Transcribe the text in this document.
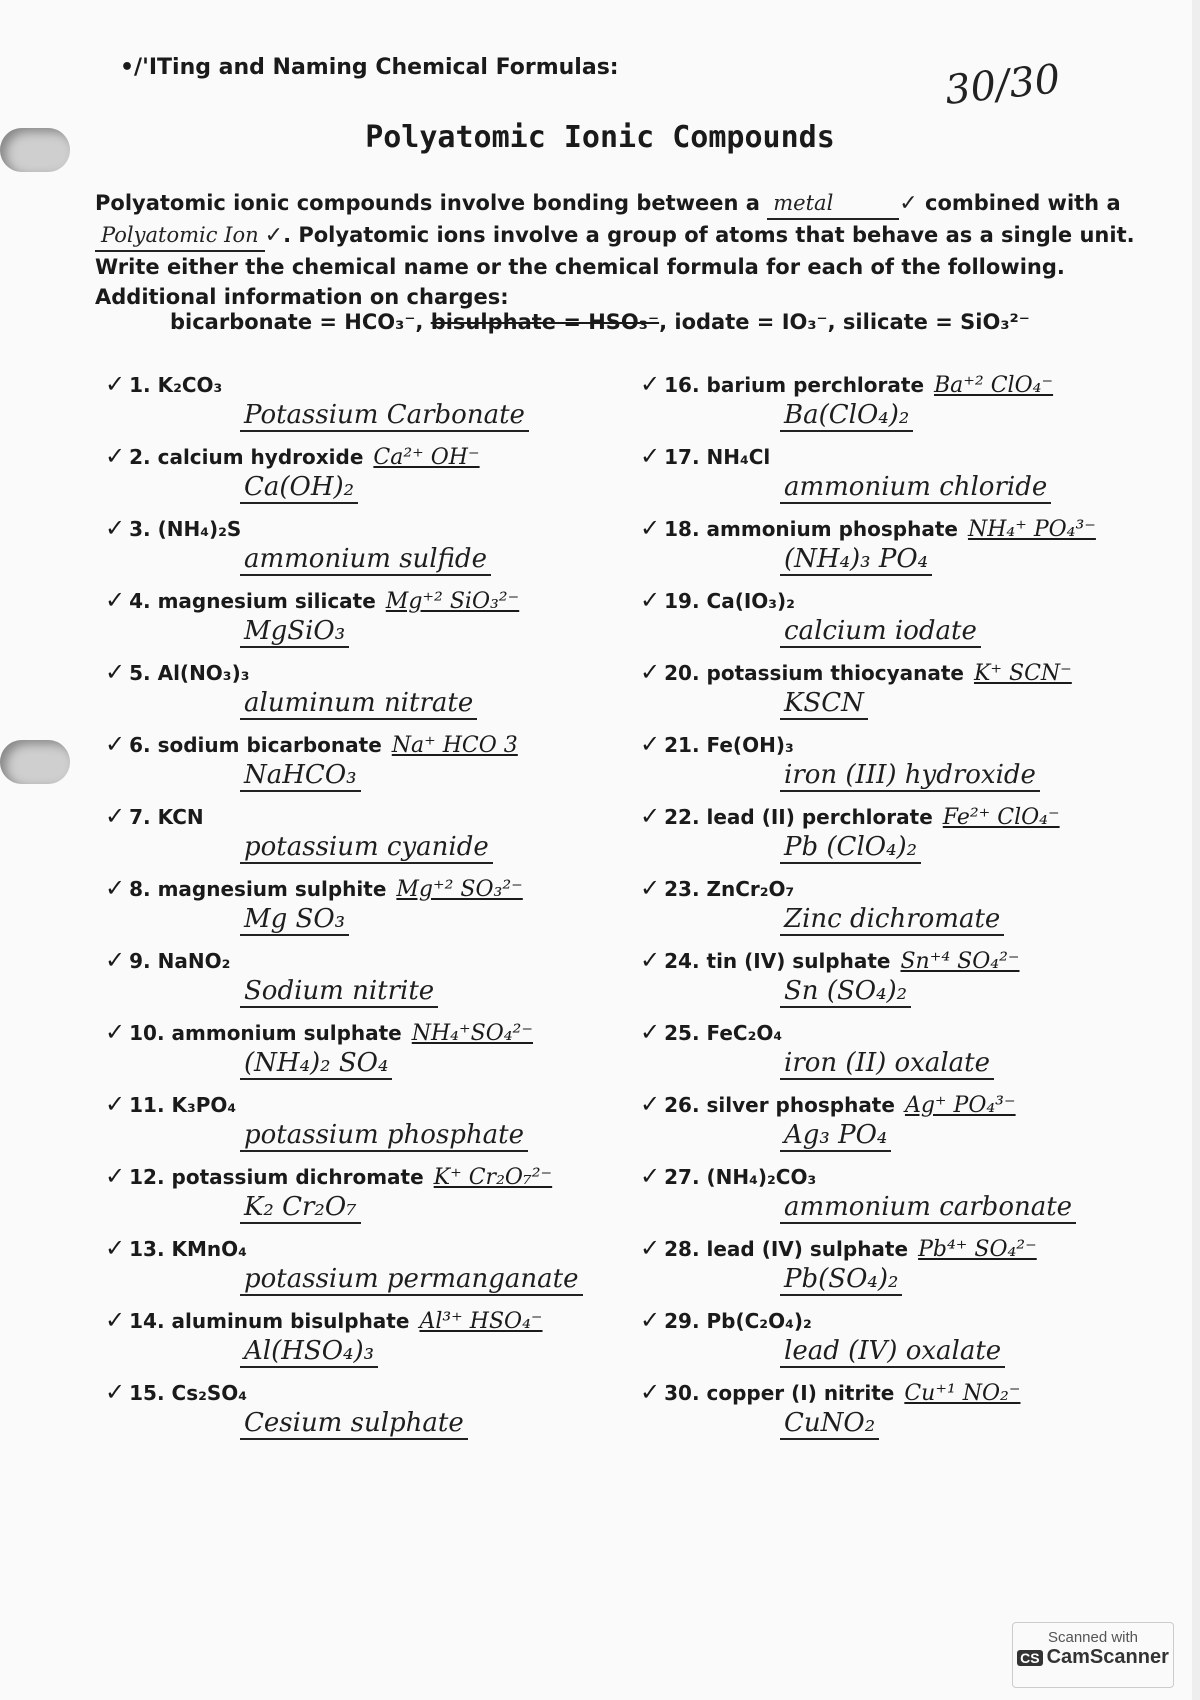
•/'ITing and Naming Chemical Formulas:	30/30
Polyatomic Ionic Compounds
Polyatomic ionic compounds involve bonding between a metal	✓ combined with a
Polyatomic Ion ✓. Polyatomic ions involve a group of atoms that behave as a single unit.
Write either the chemical name or the chemical formula for each of the following.
Additional information on charges:
bicarbonate = HCO₃⁻, bisulphate = HSO₃⁻, iodate = IO₃⁻, silicate = SiO₃²⁻
✓ 1. K₂CO₃
Potassium Carbonate
✓ 2. calcium hydroxide Ca²⁺ OH⁻
Ca(OH)₂
✓ 3. (NH₄)₂S
ammonium sulfide
✓ 4. magnesium silicate Mg⁺² SiO₃²⁻
MgSiO₃
✓ 5. Al(NO₃)₃
aluminum nitrate
✓ 6. sodium bicarbonate Na⁺ HCO 3
NaHCO₃
✓ 7. KCN
potassium cyanide
✓ 8. magnesium sulphite Mg⁺² SO₃²⁻
Mg SO₃
✓ 9. NaNO₂
Sodium nitrite
✓ 10. ammonium sulphate NH₄⁺SO₄²⁻
(NH₄)₂ SO₄
✓ 11. K₃PO₄
potassium phosphate
✓ 12. potassium dichromate K⁺ Cr₂O₇²⁻
K₂ Cr₂O₇
✓ 13. KMnO₄
potassium permanganate
✓ 14. aluminum bisulphate Al³⁺ HSO₄⁻
Al(HSO₄)₃
✓ 15. Cs₂SO₄
Cesium sulphate
✓ 16. barium perchlorate Ba⁺² ClO₄⁻
Ba(ClO₄)₂
✓ 17. NH₄Cl
ammonium chloride
✓ 18. ammonium phosphate NH₄⁺ PO₄³⁻
(NH₄)₃ PO₄
✓ 19. Ca(IO₃)₂
calcium iodate
✓ 20. potassium thiocyanate K⁺ SCN⁻
KSCN
✓ 21. Fe(OH)₃
iron (III) hydroxide
✓ 22. lead (II) perchlorate Fe²⁺ ClO₄⁻
Pb (ClO₄)₂
✓ 23. ZnCr₂O₇
Zinc dichromate
✓ 24. tin (IV) sulphate Sn⁺⁴ SO₄²⁻
Sn (SO₄)₂
✓ 25. FeC₂O₄
iron (II) oxalate
✓ 26. silver phosphate Ag⁺ PO₄³⁻
Ag₃ PO₄
✓ 27. (NH₄)₂CO₃
ammonium carbonate
✓ 28. lead (IV) sulphate Pb⁴⁺ SO₄²⁻
Pb(SO₄)₂
✓ 29. Pb(C₂O₄)₂
lead (IV) oxalate
✓ 30. copper (I) nitrite Cu⁺¹ NO₂⁻
CuNO₂
Scanned with
CS CamScanner
